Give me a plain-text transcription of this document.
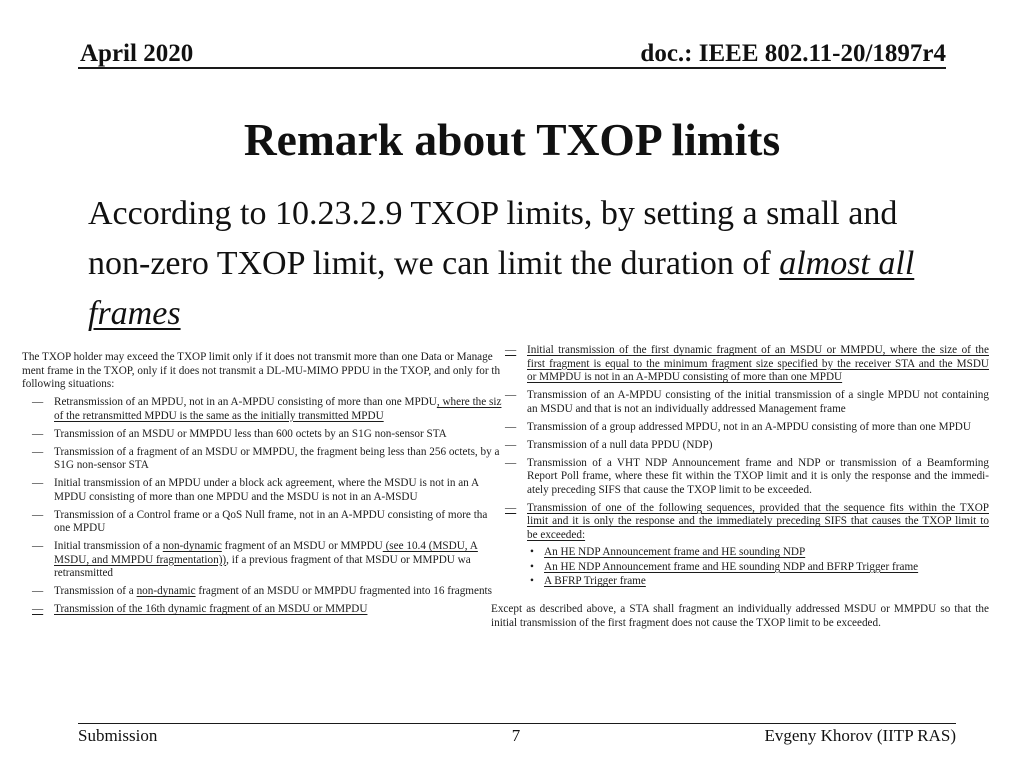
April 2020	doc.: IEEE 802.11-20/1897r4
Remark about TXOP limits
According to 10.23.2.9 TXOP limits, by setting a small and
non-zero TXOP limit, we can limit the duration of almost all
frames
The TXOP holder may exceed the TXOP limit only if it does not transmit more than one Data or Manage
ment frame in the TXOP, only if it does not transmit a DL-MU-MIMO PPDU in the TXOP, and only for th
following situations:
— Retransmission of an MPDU, not in an A-MPDU consisting of more than one MPDU, where the siz
of the retransmitted MPDU is the same as the initially transmitted MPDU
— Transmission of an MSDU or MMPDU less than 600 octets by an S1G non-sensor STA
— Transmission of a fragment of an MSDU or MMPDU, the fragment being less than 256 octets, by a
S1G non-sensor STA
— Initial transmission of an MPDU under a block ack agreement, where the MSDU is not in an A
MPDU consisting of more than one MPDU and the MSDU is not in an A-MSDU
— Transmission of a Control frame or a QoS Null frame, not in an A-MPDU consisting of more tha
one MPDU
— Initial transmission of a non-dynamic fragment of an MSDU or MMPDU (see 10.4 (MSDU, A
MSDU, and MMPDU fragmentation)), if a previous fragment of that MSDU or MMPDU wa
retransmitted
— Transmission of a non-dynamic fragment of an MSDU or MMPDU fragmented into 16 fragments
— Transmission of the 16th dynamic fragment of an MSDU or MMPDU
— Initial transmission of the first dynamic fragment of an MSDU or MMPDU, where the size of the
first fragment is equal to the minimum fragment size specified by the receiver STA and the MSDU
or MMPDU is not in an A-MPDU consisting of more than one MPDU
— Transmission of an A-MPDU consisting of the initial transmission of a single MPDU not containing
an MSDU and that is not an individually addressed Management frame
— Transmission of a group addressed MPDU, not in an A-MPDU consisting of more than one MPDU
— Transmission of a null data PPDU (NDP)
— Transmission of a VHT NDP Announcement frame and NDP or transmission of a Beamforming
Report Poll frame, where these fit within the TXOP limit and it is only the response and the immedi-
ately preceding SIFS that cause the TXOP limit to be exceeded.
— Transmission of one of the following sequences, provided that the sequence fits within the TXOP
limit and it is only the response and the immediately preceding SIFS that causes the TXOP limit to
be exceeded:
• An HE NDP Announcement frame and HE sounding NDP
• An HE NDP Announcement frame and HE sounding NDP and BFRP Trigger frame
• A BFRP Trigger frame
Except as described above, a STA shall fragment an individually addressed MSDU or MMPDU so that the
initial transmission of the first fragment does not cause the TXOP limit to be exceeded.
Submission	7	Evgeny Khorov (IITP RAS)
